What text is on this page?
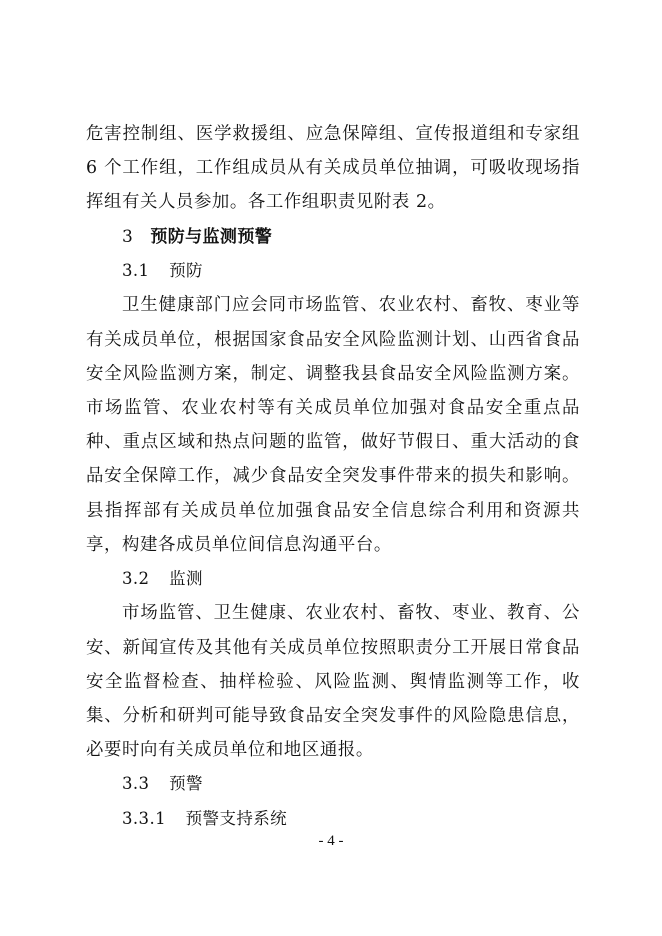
危害控制组、医学救援组、应急保障组、宣传报道组和专家组 6 个工作组，工作组成员从有关成员单位抽调，可吸收现场指挥组有关人员参加。各工作组职责见附表 2。

3 预防与监测预警

3.1 预防

卫生健康部门应会同市场监管、农业农村、畜牧、枣业等有关成员单位，根据国家食品安全风险监测计划、山西省食品安全风险监测方案，制定、调整我县食品安全风险监测方案。市场监管、农业农村等有关成员单位加强对食品安全重点品种、重点区域和热点问题的监管，做好节假日、重大活动的食品安全保障工作，减少食品安全突发事件带来的损失和影响。县指挥部有关成员单位加强食品安全信息综合利用和资源共享，构建各成员单位间信息沟通平台。

3.2 监测

市场监管、卫生健康、农业农村、畜牧、枣业、教育、公安、新闻宣传及其他有关成员单位按照职责分工开展日常食品安全监督检查、抽样检验、风险监测、舆情监测等工作，收集、分析和研判可能导致食品安全突发事件的风险隐患信息，必要时向有关成员单位和地区通报。

3.3 预警

3.3.1 预警支持系统

- 4 -
